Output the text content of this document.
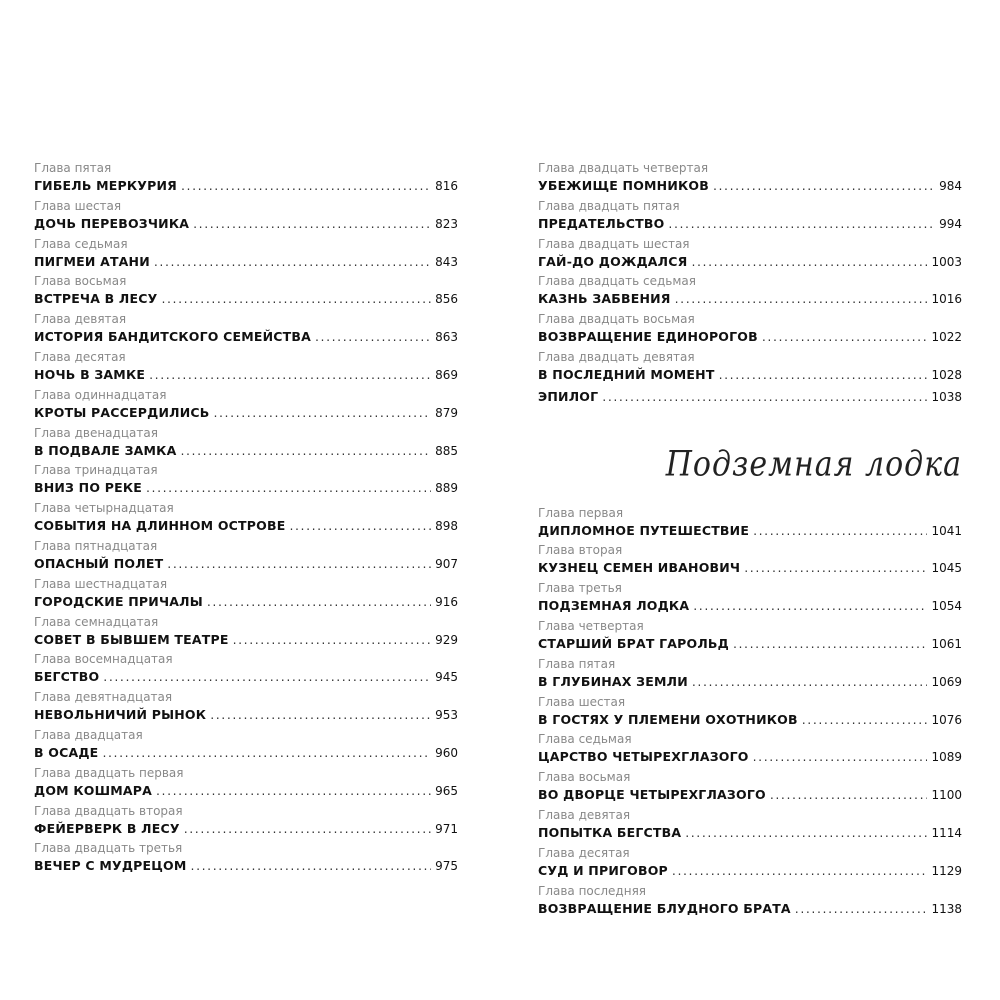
Глава пятая
ГИБЕЛЬ МЕРКУРИЯ . . .	816
Глава шестая
ДОЧЬ ПЕРЕВОЗЧИКА . . .	823
Глава седьмая
ПИГМЕИ АТАНИ . . .	843
Глава восьмая
ВСТРЕЧА В ЛЕСУ . . .	856
Глава девятая
ИСТОРИЯ БАНДИТСКОГО СЕМЕЙСТВА . . .	863
Глава десятая
НОЧЬ В ЗАМКЕ . . .	869
Глава одиннадцатая
КРОТЫ РАССЕРДИЛИСЬ . . .	879
Глава двенадцатая
В ПОДВАЛЕ ЗАМКА . . .	885
Глава тринадцатая
ВНИЗ ПО РЕКЕ . . .	889
Глава четырнадцатая
СОБЫТИЯ НА ДЛИННОМ ОСТРОВЕ . . .	898
Глава пятнадцатая
ОПАСНЫЙ ПОЛЕТ . . .	907
Глава шестнадцатая
ГОРОДСКИЕ ПРИЧАЛЫ . . .	916
Глава семнадцатая
СОВЕТ В БЫВШЕМ ТЕАТРЕ . . .	929
Глава восемнадцатая
БЕГСТВО . . .	945
Глава девятнадцатая
НЕВОЛЬНИЧИЙ РЫНОК . . .	953
Глава двадцатая
В ОСАДЕ . . .	960
Глава двадцать первая
ДОМ КОШМАРА . . .	965
Глава двадцать вторая
ФЕЙЕРВЕРК В ЛЕСУ . . .	971
Глава двадцать третья
ВЕЧЕР С МУДРЕЦОМ . . .	975
Глава двадцать четвертая
УБЕЖИЩЕ ПОМНИКОВ . . .	984
Глава двадцать пятая
ПРЕДАТЕЛЬСТВО . . .	994
Глава двадцать шестая
ГАЙ-ДО ДОЖДАЛСЯ . . .	1003
Глава двадцать седьмая
КАЗНЬ ЗАБВЕНИЯ . . .	1016
Глава двадцать восьмая
ВОЗВРАЩЕНИЕ ЕДИНОРОГОВ . . .	1022
Глава двадцать девятая
В ПОСЛЕДНИЙ МОМЕНТ . . .	1028
ЭПИЛОГ . . .	1038
Подземная лодка
Глава первая
ДИПЛОМНОЕ ПУТЕШЕСТВИЕ . . .	1041
Глава вторая
КУЗНЕЦ СЕМЕН ИВАНОВИЧ . . .	1045
Глава третья
ПОДЗЕМНАЯ ЛОДКА . . .	1054
Глава четвертая
СТАРШИЙ БРАТ ГАРОЛЬД . . .	1061
Глава пятая
В ГЛУБИНАХ ЗЕМЛИ . . .	1069
Глава шестая
В ГОСТЯХ У ПЛЕМЕНИ ОХОТНИКОВ . . .	1076
Глава седьмая
ЦАРСТВО ЧЕТЫРЕХГЛАЗОГО . . .	1089
Глава восьмая
ВО ДВОРЦЕ ЧЕТЫРЕХГЛАЗОГО . . .	1100
Глава девятая
ПОПЫТКА БЕГСТВА . . .	1114
Глава десятая
СУД И ПРИГОВОР . . .	1129
Глава последняя
ВОЗВРАЩЕНИЕ БЛУДНОГО БРАТА . . .	1138
